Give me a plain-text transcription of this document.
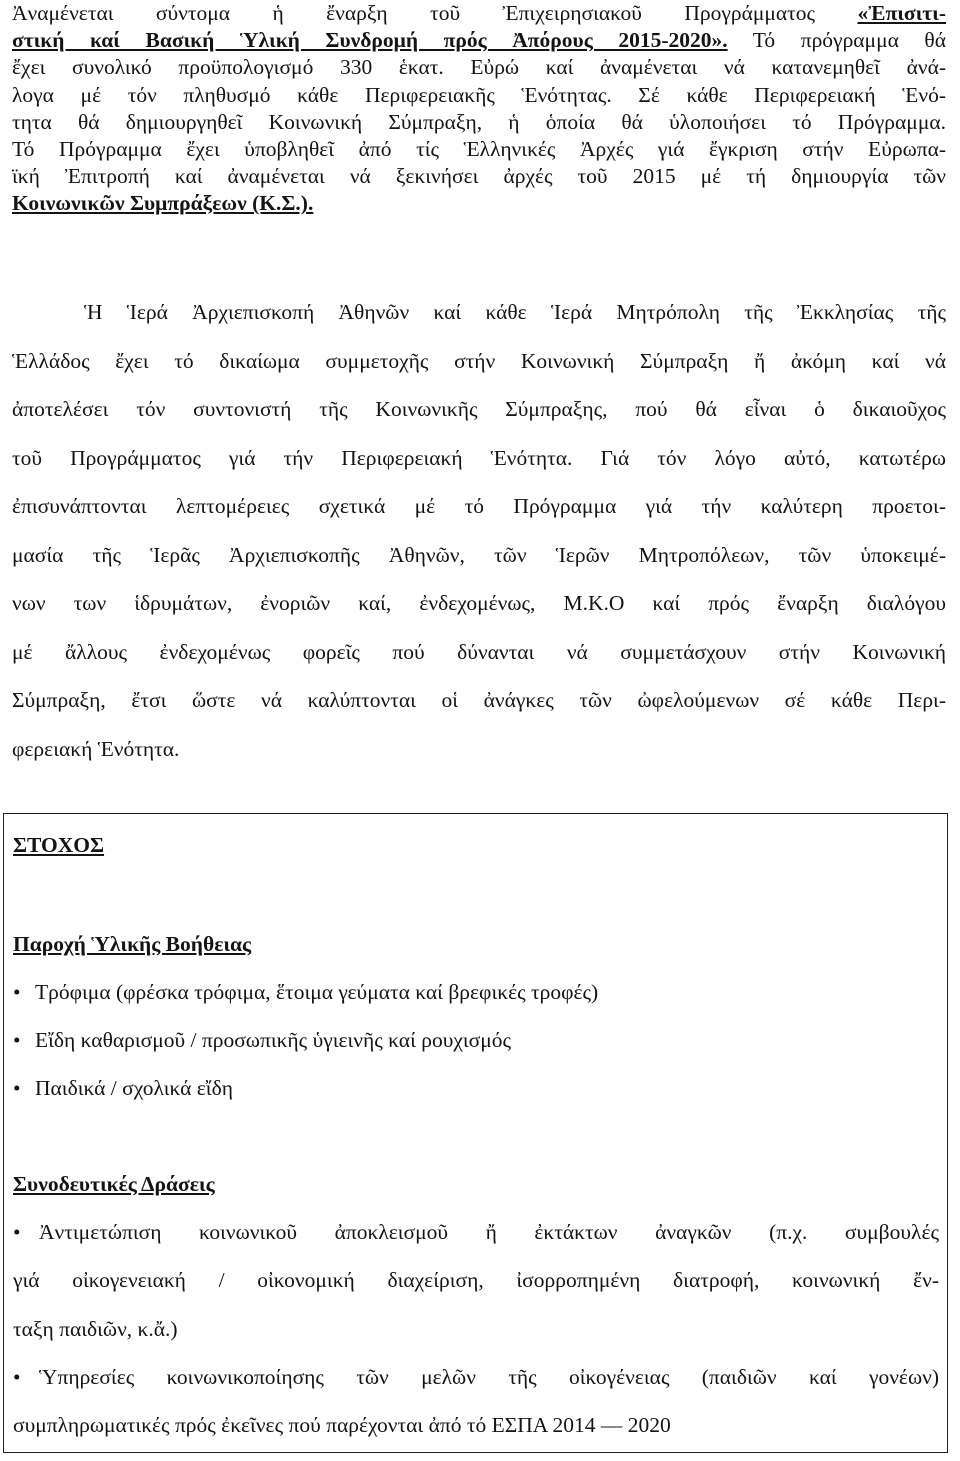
Ἀναμένεται σύντομα ἡ ἔναρξη τοῦ Ἐπιχειρησιακοῦ Προγράμματος «Ἐπισιτι-
στική καί Βασική Ὑλική Συνδρομή πρός Ἀπόρους 2015-2020». Τό πρόγραμμα θά
ἔχει συνολικό προϋπολογισμό 330 ἑκατ. Εὐρώ καί ἀναμένεται νά κατανεμηθεῖ ἀνά-
λογα μέ τόν πληθυσμό κάθε Περιφερειακῆς Ἑνότητας. Σέ κάθε Περιφερειακή Ἑνό-
τητα θά δημιουργηθεῖ Κοινωνική Σύμπραξη, ἡ ὁποία θά ὑλοποιήσει τό Πρόγραμμα.
Τό Πρόγραμμα ἔχει ὑποβληθεῖ ἀπό τίς Ἑλληνικές Ἀρχές γιά ἔγκριση στήν Εὐρωπα-
ϊκή Ἐπιτροπή καί ἀναμένεται νά ξεκινήσει ἀρχές τοῦ 2015 μέ τή δημιουργία τῶν
Κοινωνικῶν Συμπράξεων (Κ.Σ.).
Ἡ Ἱερά Ἀρχιεπισκοπή Ἀθηνῶν καί κάθε Ἱερά Μητρόπολη τῆς Ἐκκλησίας τῆς
Ἑλλάδος ἔχει τό δικαίωμα συμμετοχῆς στήν Κοινωνική Σύμπραξη ἤ ἀκόμη καί νά
ἀποτελέσει τόν συντονιστή τῆς Κοινωνικῆς Σύμπραξης, πού θά εἶναι ὁ δικαιοῦχος
τοῦ Προγράμματος γιά τήν Περιφερειακή Ἑνότητα. Γιά τόν λόγο αὐτό, κατωτέρω
ἐπισυνάπτονται λεπτομέρειες σχετικά μέ τό Πρόγραμμα γιά τήν καλύτερη προετοι-
μασία τῆς Ἱερᾶς Ἀρχιεπισκοπῆς Ἀθηνῶν, τῶν Ἱερῶν Μητροπόλεων, τῶν ὑποκειμέ-
νων των ἱδρυμάτων, ἐνοριῶν καί, ἐνδεχομένως, Μ.Κ.Ο καί πρός ἔναρξη διαλόγου
μέ ἄλλους ἐνδεχομένως φορεῖς πού δύνανται νά συμμετάσχουν στήν Κοινωνική
Σύμπραξη, ἔτσι ὥστε νά καλύπτονται οἱ ἀνάγκες τῶν ὠφελούμενων σέ κάθε Περι-
φερειακή Ἑνότητα.
ΣΤΟΧΟΣ
Παροχή Ὑλικῆς Βοήθειας
• Τρόφιμα (φρέσκα τρόφιμα, ἕτοιμα γεύματα καί βρεφικές τροφές)
• Εἴδη καθαρισμοῦ / προσωπικῆς ὑγιεινῆς καί ρουχισμός
• Παιδικά / σχολικά εἴδη
Συνοδευτικές Δράσεις
• Ἀντιμετώπιση κοινωνικοῦ ἀποκλεισμοῦ ἤ ἐκτάκτων ἀναγκῶν (π.χ. συμβουλές
γιά οἰκογενειακή / οἰκονομική διαχείριση, ἰσορροπημένη διατροφή, κοινωνική ἔν-
ταξη παιδιῶν, κ.ἄ.)
• Ὑπηρεσίες κοινωνικοποίησης τῶν μελῶν τῆς οἰκογένειας (παιδιῶν καί γονέων)
συμπληρωματικές πρός ἐκεῖνες πού παρέχονται ἀπό τό ΕΣΠΑ 2014 — 2020
